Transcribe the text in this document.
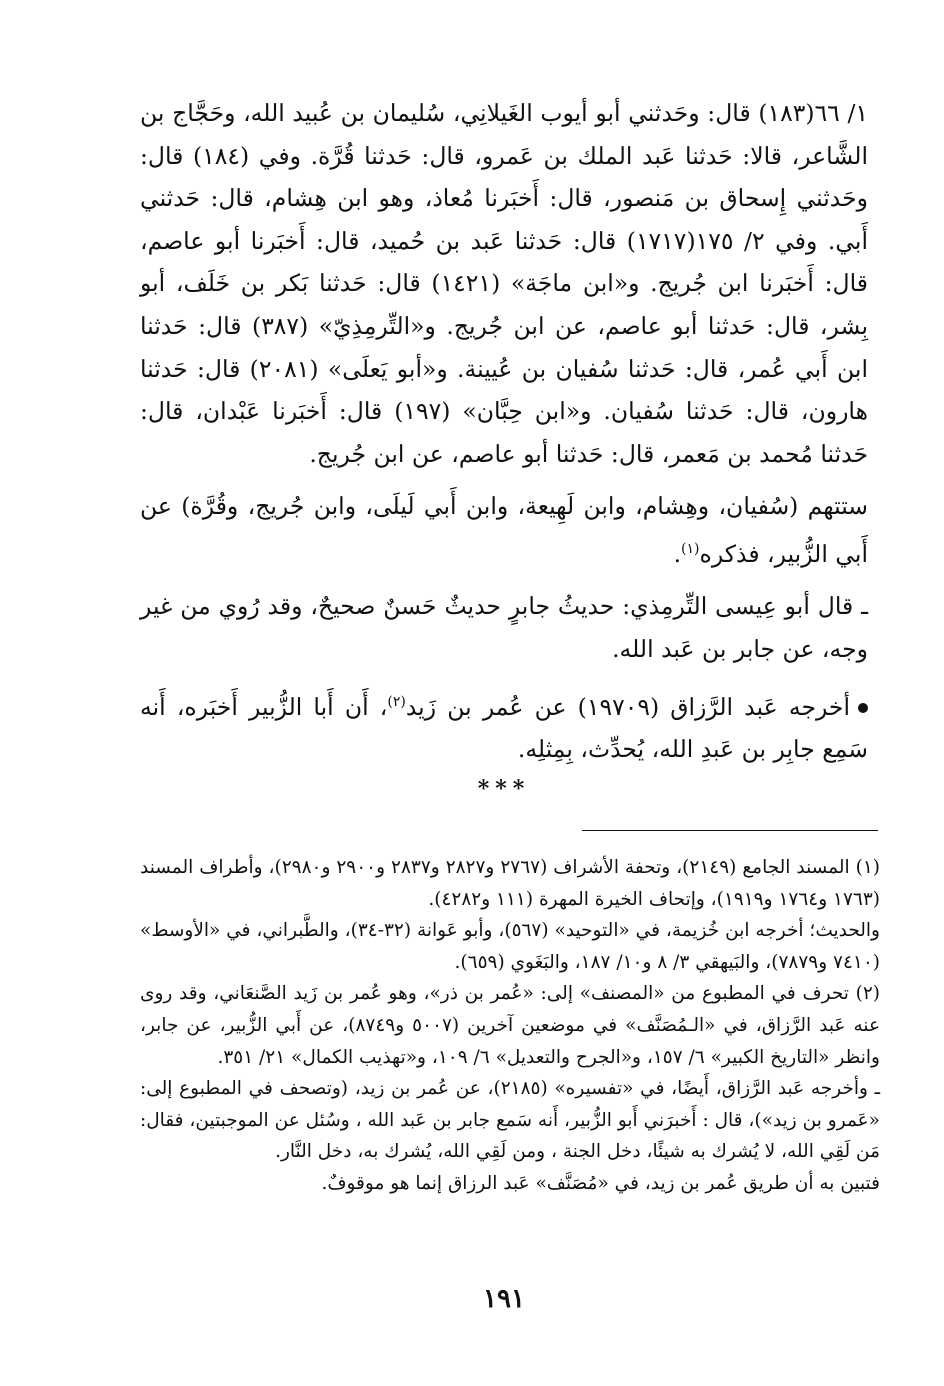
١/ ٦٦(١٨٣) قال: وحَدثني أبو أيوب الغَيلانِي، سُليمان بن عُبيد الله، وحَجَّاج بن الشَّاعر، قالا: حَدثنا عَبد الملك بن عَمرو، قال: حَدثنا قُرَّة. وفي (١٨٤) قال: وحَدثني إِسحاق بن مَنصور، قال: أَخبَرنا مُعاذ، وهو ابن هِشام، قال: حَدثني أَبي. وفي ٢/ ١٧٥(١٧١٧) قال: حَدثنا عَبد بن حُميد، قال: أَخبَرنا أبو عاصم، قال: أَخبَرنا ابن جُريج. و«ابن ماجَة» (١٤٢١) قال: حَدثنا بَكر بن خَلَف، أبو بِشر، قال: حَدثنا أبو عاصم، عن ابن جُريج. و«التِّرمِذِيّ» (٣٨٧) قال: حَدثنا ابن أَبي عُمر، قال: حَدثنا سُفيان بن عُيينة. و«أبو يَعلَى» (٢٠٨١) قال: حَدثنا هارون، قال: حَدثنا سُفيان. و«ابن حِبَّان» (١٩٧) قال: أَخبَرنا عَبْدان، قال: حَدثنا مُحمد بن مَعمر، قال: حَدثنا أبو عاصم، عن ابن جُريج.

ستتهم (سُفيان، وهِشام، وابن لَهِيعة، وابن أَبي لَيلَى، وابن جُريج، وقُرَّة) عن أَبي الزُّبير، فذكره$^{(١)}$.

ـ قال أبو عِيسى التِّرمِذي: حديثُ جابرٍ حديثٌ حَسنٌ صحيحٌ، وقد رُوي من غير وجه، عن جابر بن عَبد الله.

أخرجه عَبد الرَّزاق (١٩٧٠٩) عن عُمر بن زَيد$^{(٢)}$، أَن أَبا الزُّبير أَخبَره، أَنه سَمِع جابِر بن عَبدِ الله، يُحدِّث، بِمِثلِه.

***

(١) المسند الجامع (٢١٤٩)، وتحفة الأشراف (٢٧٦٧ و٢٨٢٧ و٢٨٣٧ و٢٩٠٠ و٢٩٨٠)، وأطراف المسند (١٧٦٣ و١٧٦٤ و١٩١٩)، وإتحاف الخيرة المهرة (١١١ و٤٢٨٢).

والحديث؛ أخرجه ابن خُزيمة، في «التوحيد» (٥٦٧)، وأبو عَوانة (٣٢-٣٤)، والطَّبراني، في «الأوسط» (٧٤١٠ و٧٨٧٩)، والبَيهقي ٣/ ٨ و١٠/ ١٨٧، والبَغَوي (٦٥٩).

(٢) تحرف في المطبوع من «المصنف» إلى: «عُمر بن ذر»، وهو عُمر بن زَيد الصَّنعَاني، وقد روى عنه عَبد الرَّزاق، في «الـمُصَنَّف» في موضعين آخرين (٥٠٠٧ و٨٧٤٩)، عن أَبي الزُّبير، عن جابر، وانظر «التاريخ الكبير» ٦/ ١٥٧، و«الجرح والتعديل» ٦/ ١٠٩، و«تهذيب الكمال» ٢١/ ٣٥١.

ـ وأخرجه عَبد الرَّزاق، أَيضًا، في «تفسيره» (٢١٨٥)، عن عُمر بن زيد، (وتصحف في المطبوع إلى: «عَمرو بن زيد»)، قال : أَخبرَني أَبو الزُّبير، أَنه سَمع جابر بن عَبد الله ، وسُئل عن الموجبتين، فقال: مَن لَقِي الله، لا يُشرك به شيئًا، دخل الجنة ، ومن لَقِي الله، يُشرك به، دخل النَّار.

فتبين به أن طريق عُمر بن زيد، في «مُصَنَّف» عَبد الرزاق إنما هو موقوفٌ.

١٩١
